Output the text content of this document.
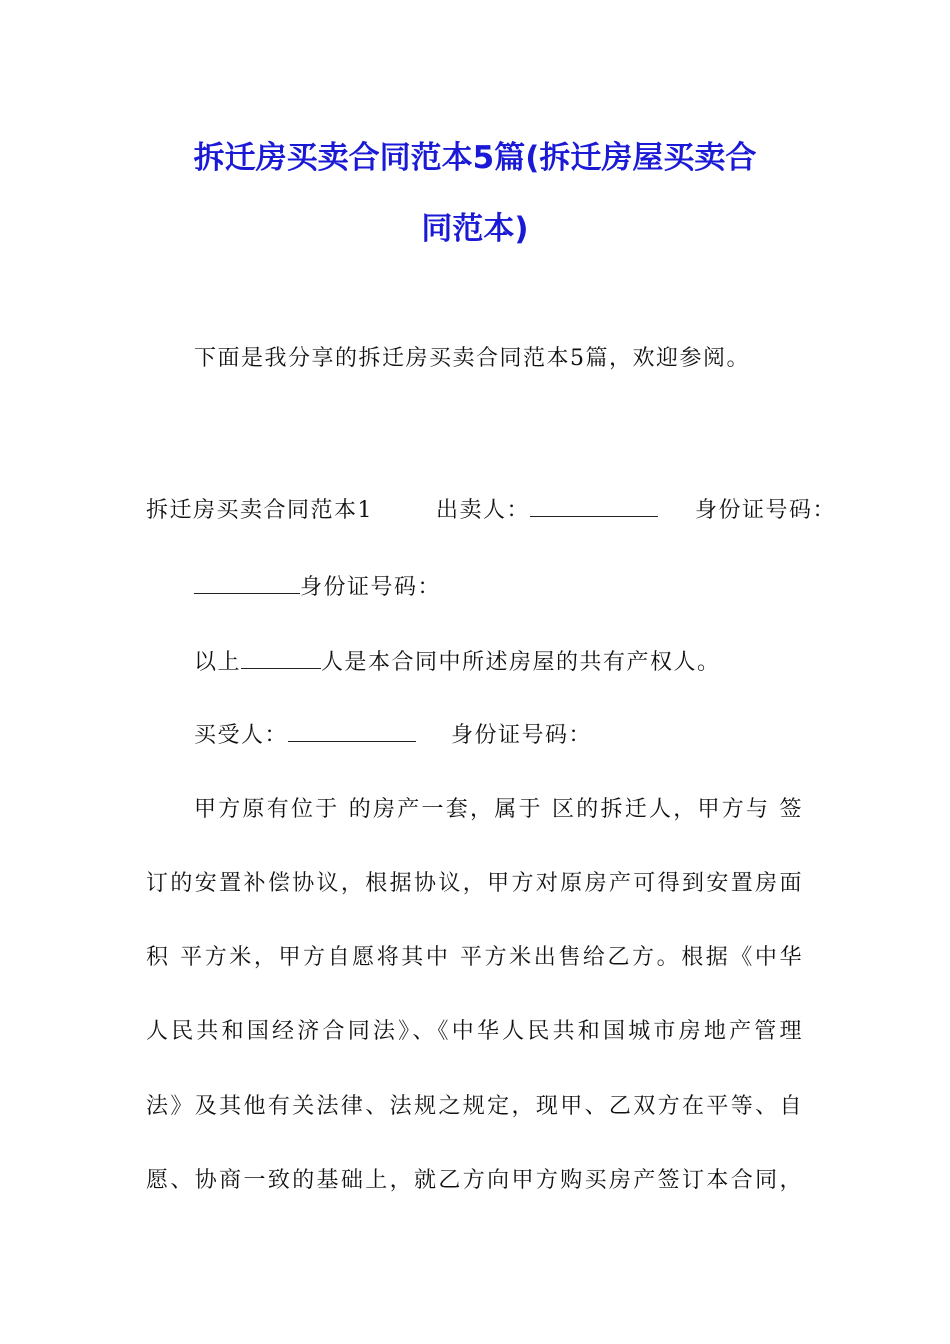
拆迁房买卖合同范本5篇(拆迁房屋买卖合
同范本)
下面是我分享的拆迁房买卖合同范本5篇，欢迎参阅。
拆迁房买卖合同范本1	出卖人：	身份证号码：
身份证号码：
以上	人是本合同中所述房屋的共有产权人。
买受人：	身份证号码：
甲方原有位于 的房产一套，属于 区的拆迁人，甲方与 签
订的安置补偿协议，根据协议，甲方对原房产可得到安置房面
积 平方米，甲方自愿将其中 平方米出售给乙方。根据《中华
人民共和国经济合同法》、《中华人民共和国城市房地产管理
法》及其他有关法律、法规之规定，现甲、乙双方在平等、自
愿、协商一致的基础上，就乙方向甲方购买房产签订本合同，
